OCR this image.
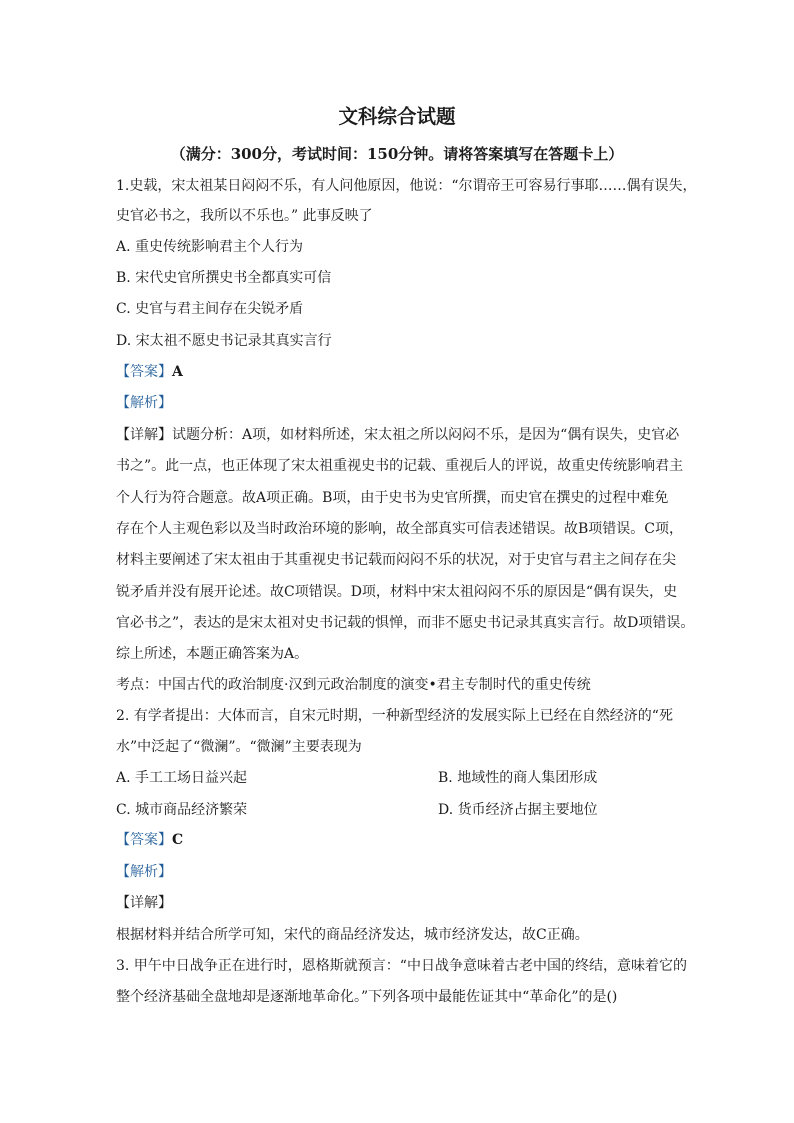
文科综合试题
（满分：300分，考试时间：150分钟。请将答案填写在答题卡上）
1.史载，宋太祖某日闷闷不乐，有人问他原因，他说：“尔谓帝王可容易行事耶……偶有误失，
史官必书之，我所以不乐也。” 此事反映了
A. 重史传统影响君主个人行为
B. 宋代史官所撰史书全都真实可信
C. 史官与君主间存在尖锐矛盾
D. 宋太祖不愿史书记录其真实言行
【答案】A
【解析】
【详解】试题分析：A项，如材料所述，宋太祖之所以闷闷不乐，是因为“偶有误失，史官必
书之”。此一点，也正体现了宋太祖重视史书的记载、重视后人的评说，故重史传统影响君主
个人行为符合题意。故A项正确。B项，由于史书为史官所撰，而史官在撰史的过程中难免
存在个人主观色彩以及当时政治环境的影响，故全部真实可信表述错误。故B项错误。C项，
材料主要阐述了宋太祖由于其重视史书记载而闷闷不乐的状况，对于史官与君主之间存在尖
锐矛盾并没有展开论述。故C项错误。D项，材料中宋太祖闷闷不乐的原因是“偶有误失，史
官必书之”，表达的是宋太祖对史书记载的惧惮，而非不愿史书记录其真实言行。故D项错误。
综上所述，本题正确答案为A。
考点：中国古代的政治制度·汉到元政治制度的演变•君主专制时代的重史传统
2. 有学者提出：大体而言，自宋元时期，一种新型经济的发展实际上已经在自然经济的“死
水”中泛起了“微澜”。“微澜”主要表现为
A. 手工工场日益兴起	B. 地域性的商人集团形成
C. 城市商品经济繁荣	D. 货币经济占据主要地位
【答案】C
【解析】
【详解】
根据材料并结合所学可知，宋代的商品经济发达，城市经济发达，故C正确。
3. 甲午中日战争正在进行时，恩格斯就预言：“中日战争意味着古老中国的终结，意味着它的
整个经济基础全盘地却是逐渐地革命化。”下列各项中最能佐证其中“革命化”的是()
